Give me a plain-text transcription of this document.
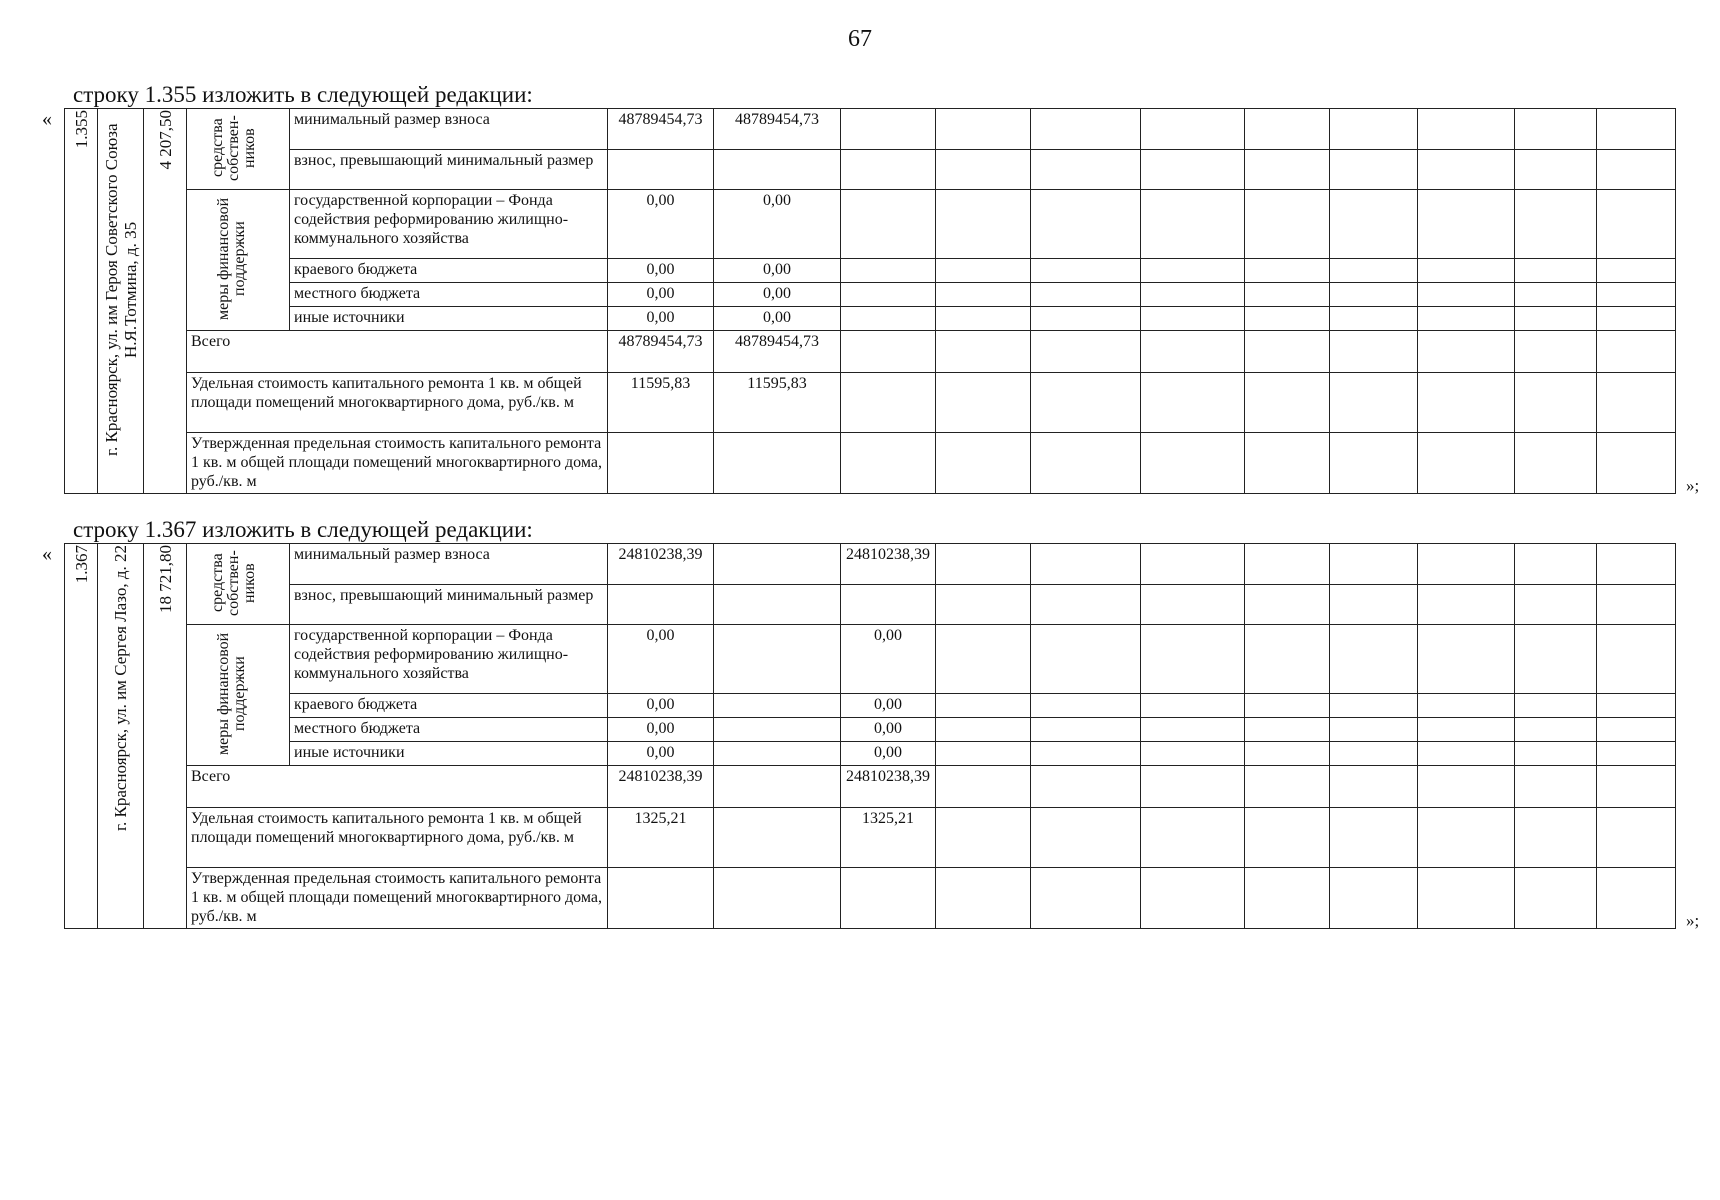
67
строку 1.355 изложить в следующей редакции:
«
»;
1.355	г. Красноярск, ул. им Героя Советского Союза Н.Я.Тотмина, д. 35	4 207,50	средства собствен-ников	минимальный размер взноса	48789454,73	48789454,73									
				взнос, превышающий минимальный размер											

			меры финансовой поддержки	государственной корпорации – Фонда содействия реформированию жилищно-коммунального хозяйства	0,00	0,00									
				краевого бюджета	0,00	0,00									
				местного бюджета	0,00	0,00									
				иные источники	0,00	0,00									
			Всего		48789454,73	48789454,73									
			Удельная стоимость капитального ремонта 1 кв. м общей площади помещений многоквартирного дома, руб./кв. м		11595,83	11595,83									
			Утвержденная предельная стоимость капитального ремонта 1 кв. м общей площади помещений многоквартирного дома, руб./кв. м												
строку 1.367 изложить в следующей редакции:
«
»;
1.367	г. Красноярск, ул. им Сергея Лазо, д. 22	18 721,80	средства собствен-ников	минимальный размер взноса	24810238,39		24810238,39								
				взнос, превышающий минимальный размер											

			меры финансовой поддержки	государственной корпорации – Фонда содействия реформированию жилищно-коммунального хозяйства	0,00		0,00								
				краевого бюджета	0,00		0,00								
				местного бюджета	0,00		0,00								
				иные источники	0,00		0,00								
			Всего		24810238,39		24810238,39								
			Удельная стоимость капитального ремонта 1 кв. м общей площади помещений многоквартирного дома, руб./кв. м		1325,21		1325,21								
			Утвержденная предельная стоимость капитального ремонта 1 кв. м общей площади помещений многоквартирного дома, руб./кв. м												
